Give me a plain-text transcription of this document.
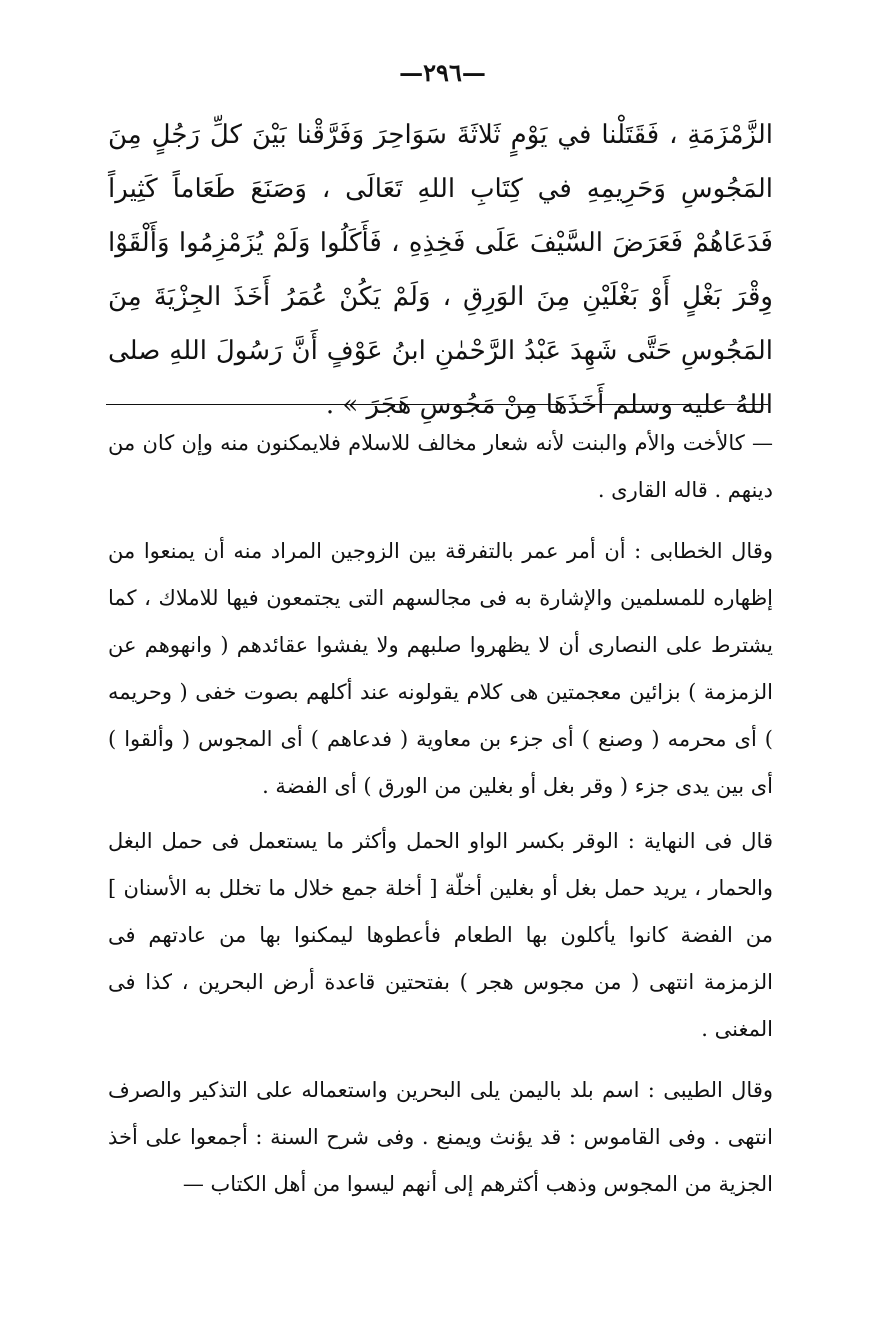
—٢٩٦—

الزَّمْزَمَةِ ، فَقَتَلْنا في يَوْمٍ ثَلاثَةَ سَوَاحِرَ وَفَرَّقْنا بَيْنَ كلِّ رَجُلٍ مِنَ المَجُوسِ وَحَرِيمِهِ في كِتَابِ اللهِ تَعَالَى ، وَصَنَعَ طَعَاماً كَثِيراً فَدَعَاهُمْ فَعَرَضَ السَّيْفَ عَلَى فَخِذِهِ ، فَأَكَلُوا وَلَمْ يُزَمْزِمُوا وَأَلْقَوْا وِقْرَ بَغْلٍ أَوْ بَغْلَيْنِ مِنَ الوَرِقِ ، وَلَمْ يَكُنْ عُمَرُ أَخَذَ الجِزْيَةَ مِنَ المَجُوسِ حَتَّى شَهِدَ عَبْدُ الرَّحْمٰنِ ابنُ عَوْفٍ أَنَّ رَسُولَ اللهِ صلى اللهُ عليه وسلم أَخَذَهَا مِنْ مَجُوسِ هَجَرَ » .

— كالأخت والأم والبنت لأنه شعار مخالف للاسلام فلايمكنون منه وإن كان من دينهم . قاله القارى .

وقال الخطابى : أن أمر عمر بالتفرقة بين الزوجين المراد منه أن يمنعوا من إظهاره للمسلمين والإشارة به فى مجالسهم التى يجتمعون فيها للاملاك ، كما يشترط على النصارى أن لا يظهروا صلبهم ولا يفشوا عقائدهم ( وانهوهم عن الزمزمة ) بزائين معجمتين هى كلام يقولونه عند أكلهم بصوت خفى ( وحريمه ) أى محرمه ( وصنع ) أى جزء بن معاوية ( فدعاهم ) أى المجوس ( وألقوا ) أى بين يدى جزء ( وقر بغل أو بغلين من الورق ) أى الفضة .

قال فى النهاية : الوقر بكسر الواو الحمل وأكثر ما يستعمل فى حمل البغل والحمار ، يريد حمل بغل أو بغلين أخلّة [ أخلة جمع خلال ما تخلل به الأسنان ] من الفضة كانوا يأكلون بها الطعام فأعطوها ليمكنوا بها من عادتهم فى الزمزمة انتهى ( من مجوس هجر ) بفتحتين قاعدة أرض البحرين ، كذا فى المغنى .

وقال الطيبى : اسم بلد باليمن يلى البحرين واستعماله على التذكير والصرف انتهى . وفى القاموس : قد يؤنث ويمنع . وفى شرح السنة : أجمعوا على أخذ الجزية من المجوس وذهب أكثرهم إلى أنهم ليسوا من أهل الكتاب —
